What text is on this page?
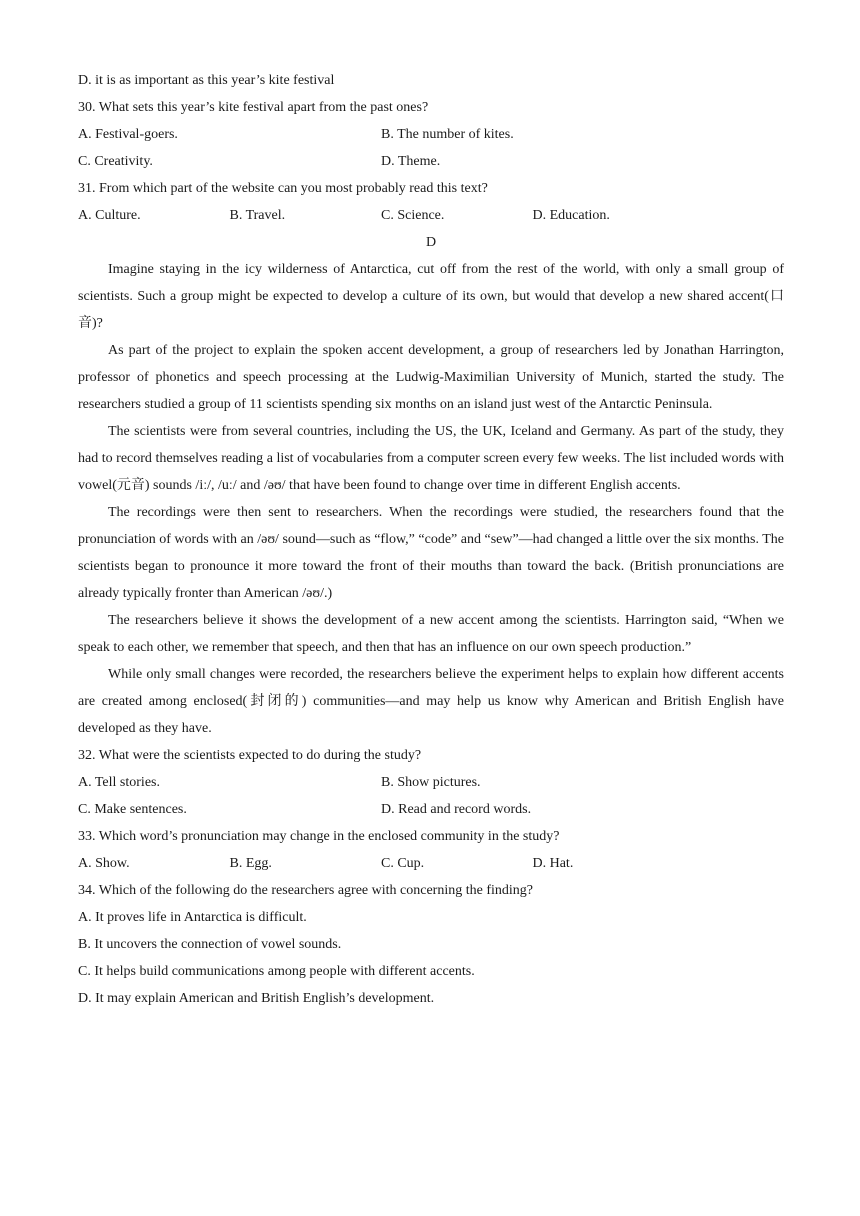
D. it is as important as this year’s kite festival
30. What sets this year’s kite festival apart from the past ones?
A. Festival-goers.	B. The number of kites.
C. Creativity.	D. Theme.
31. From which part of the website can you most probably read this text?
A. Culture.	B. Travel.	C. Science.	D. Education.
D
Imagine staying in the icy wilderness of Antarctica, cut off from the rest of the world, with only a small group of scientists. Such a group might be expected to develop a culture of its own, but would that develop a new shared accent(口音)?
As part of the project to explain the spoken accent development, a group of researchers led by Jonathan Harrington, professor of phonetics and speech processing at the Ludwig-Maximilian University of Munich, started the study. The researchers studied a group of 11 scientists spending six months on an island just west of the Antarctic Peninsula.
The scientists were from several countries, including the US, the UK, Iceland and Germany. As part of the study, they had to record themselves reading a list of vocabularies from a computer screen every few weeks. The list included words with vowel(元音) sounds /iː/, /uː/ and /əʊ/ that have been found to change over time in different English accents.
The recordings were then sent to researchers. When the recordings were studied, the researchers found that the pronunciation of words with an /əʊ/ sound—such as “flow,” “code” and “sew”—had changed a little over the six months. The scientists began to pronounce it more toward the front of their mouths than toward the back. (British pronunciations are already typically fronter than American /əʊ/.)
The researchers believe it shows the development of a new accent among the scientists. Harrington said, “When we speak to each other, we remember that speech, and then that has an influence on our own speech production.”
While only small changes were recorded, the researchers believe the experiment helps to explain how different accents are created among enclosed(封闭的) communities—and may help us know why American and British English have developed as they have.
32. What were the scientists expected to do during the study?
A. Tell stories.	B. Show pictures.
C. Make sentences.	D. Read and record words.
33. Which word’s pronunciation may change in the enclosed community in the study?
A. Show.	B. Egg.	C. Cup.	D. Hat.
34. Which of the following do the researchers agree with concerning the finding?
A. It proves life in Antarctica is difficult.
B. It uncovers the connection of vowel sounds.
C. It helps build communications among people with different accents.
D. It may explain American and British English’s development.
